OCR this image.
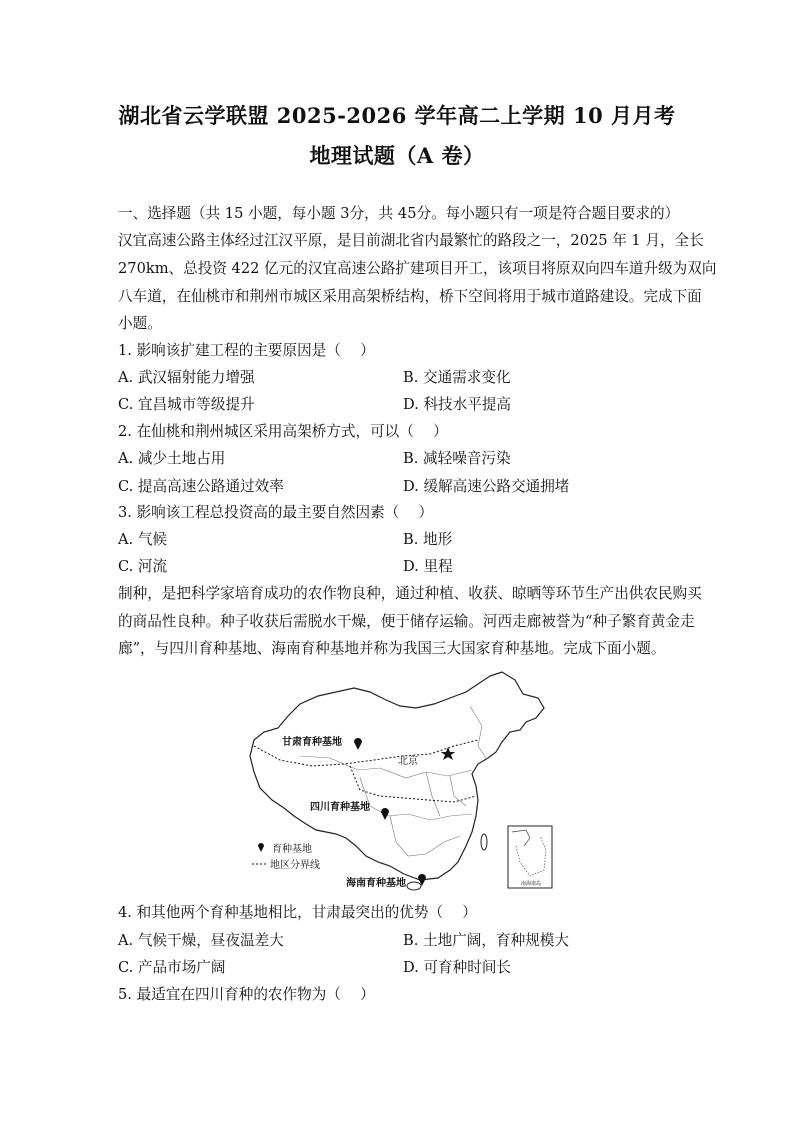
湖北省云学联盟 2025-2026 学年高二上学期 10 月月考
地理试题（A 卷）
一、选择题（共 15 小题，每小题 3分，共 45分。每小题只有一项是符合题目要求的）
汉宜高速公路主体经过江汉平原，是目前湖北省内最繁忙的路段之一，2025 年 1 月，全长
270km、总投资 422 亿元的汉宜高速公路扩建项目开工，该项目将原双向四车道升级为双向
八车道，在仙桃市和荆州市城区采用高架桥结构，桥下空间将用于城市道路建设。完成下面
小题。
1. 影响该扩建工程的主要原因是（　 ）
A. 武汉辐射能力增强	B. 交通需求变化
C. 宜昌城市等级提升	D. 科技水平提高
2. 在仙桃和荆州城区采用高架桥方式，可以（　 ）
A. 减少土地占用	B. 减轻噪音污染
C. 提高高速公路通过效率	D. 缓解高速公路交通拥堵
3. 影响该工程总投资高的最主要自然因素（　 ）
A. 气候	B. 地形
C. 河流	D. 里程
制种，是把科学家培育成功的农作物良种，通过种植、收获、晾晒等环节生产出供农民购买
的商品性良种。种子收获后需脱水干燥，便于储存运输。河西走廊被誉为“种子繁育黄金走
廊”，与四川育种基地、海南育种基地并称为我国三大国家育种基地。完成下面小题。
甘肃育种基地
四川育种基地
海南育种基地
北京
育种基地
地区分界线
南海诸岛
4. 和其他两个育种基地相比，甘肃最突出的优势（　 ）
A. 气候干燥，昼夜温差大	B. 土地广阔，育种规模大
C. 产品市场广阔	D. 可育种时间长
5. 最适宜在四川育种的农作物为（　 ）
